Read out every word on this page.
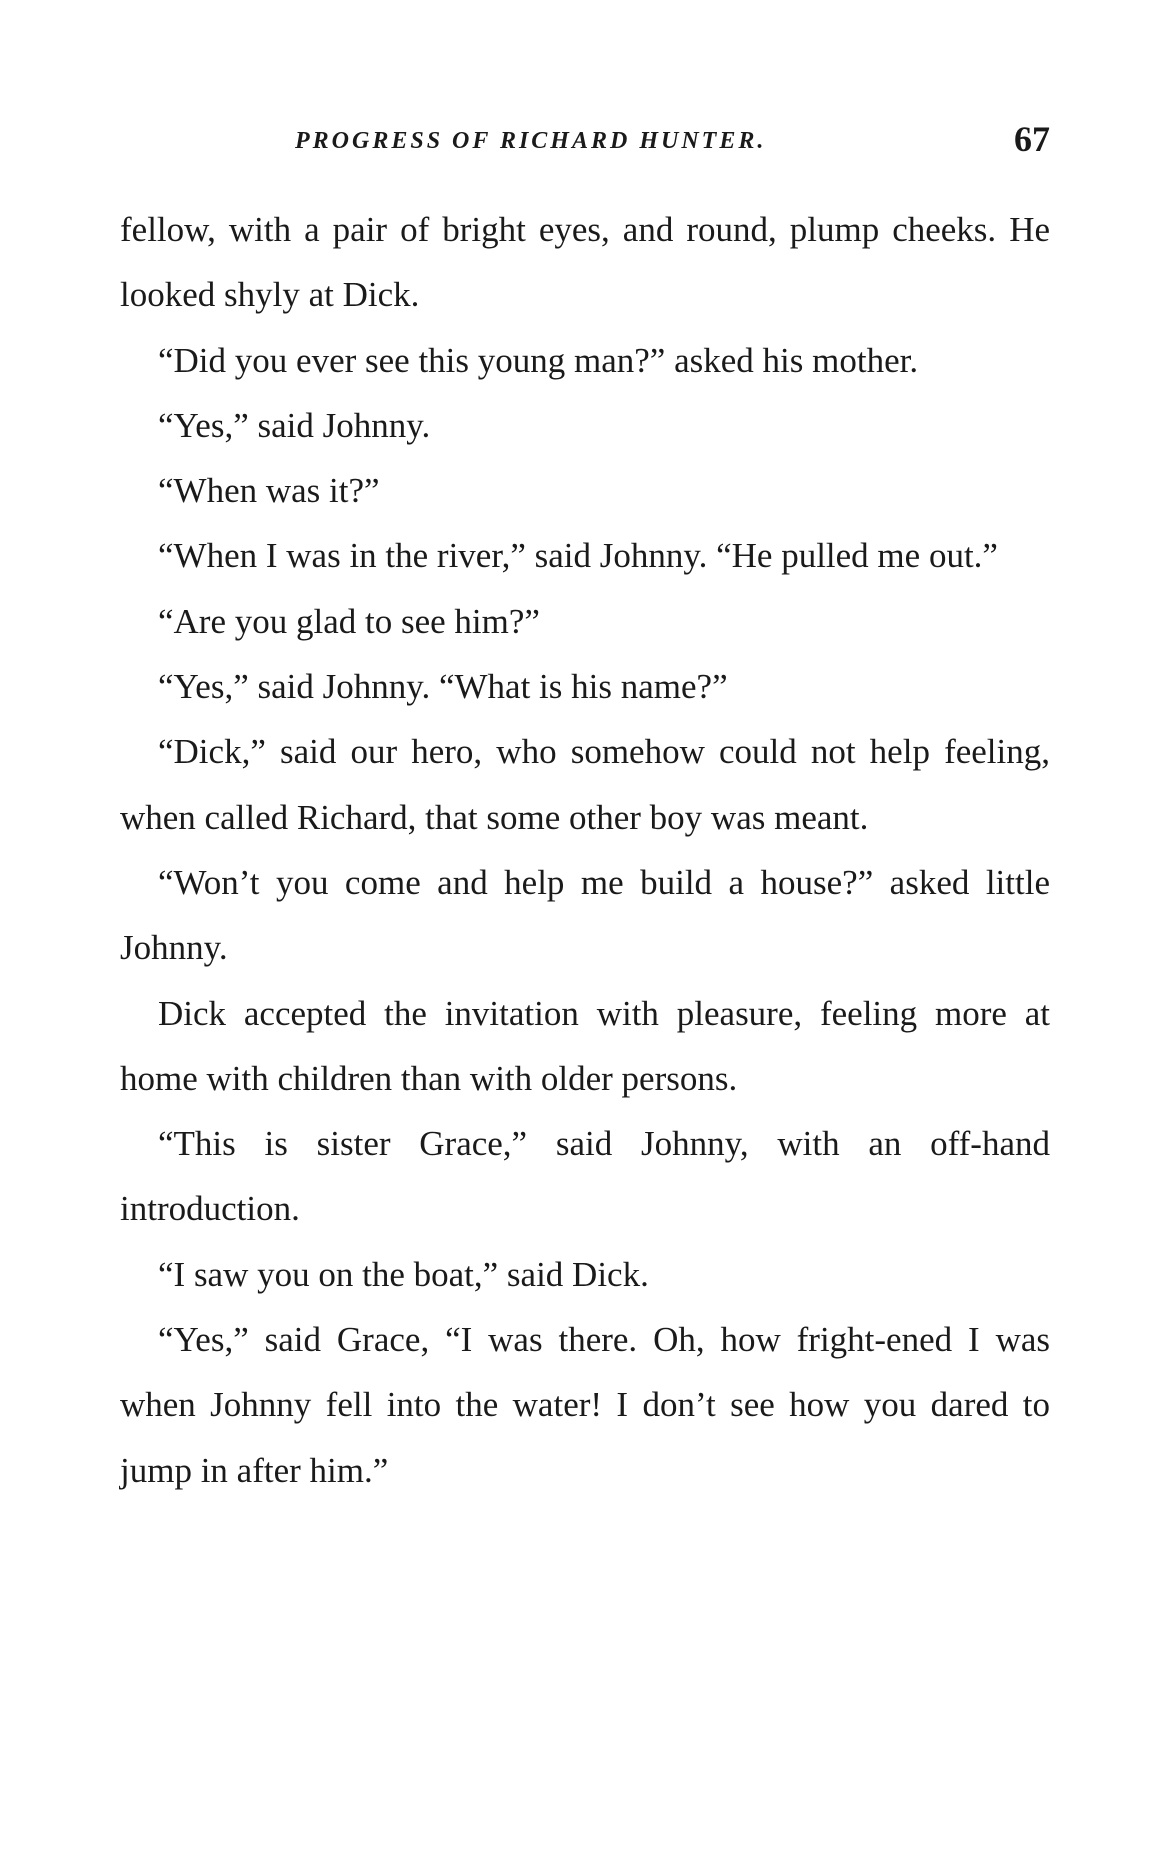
PROGRESS OF RICHARD HUNTER.	67

fellow, with a pair of bright eyes, and round, plump cheeks. He looked shyly at Dick.

“Did you ever see this young man?” asked his mother.

“Yes,” said Johnny.

“When was it?”

“When I was in the river,” said Johnny. “He pulled me out.”

“Are you glad to see him?”

“Yes,” said Johnny. “What is his name?”

“Dick,” said our hero, who somehow could not help feeling, when called Richard, that some other boy was meant.

“Won’t you come and help me build a house?” asked little Johnny.

Dick accepted the invitation with pleasure, feeling more at home with children than with older persons.

“This is sister Grace,” said Johnny, with an off-hand introduction.

“I saw you on the boat,” said Dick.

“Yes,” said Grace, “I was there. Oh, how fright-ened I was when Johnny fell into the water! I don’t see how you dared to jump in after him.”
